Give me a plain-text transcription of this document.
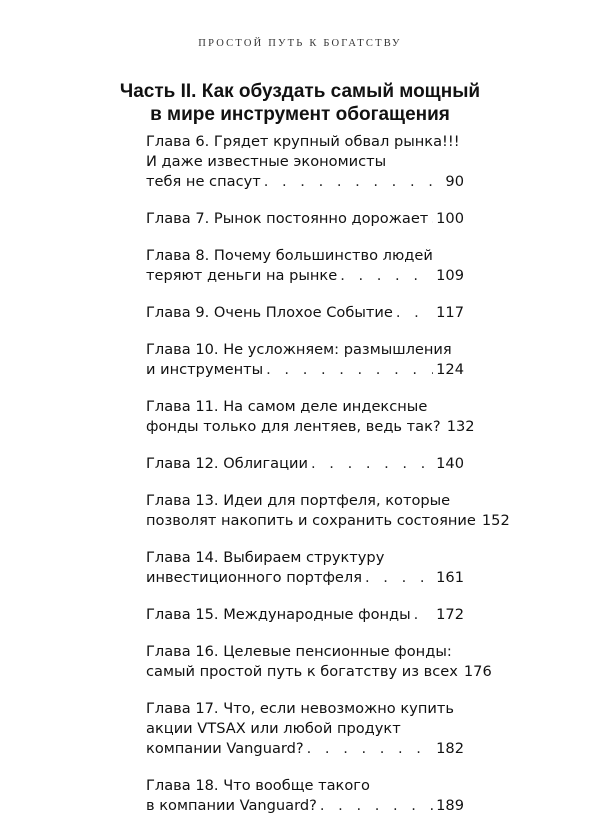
ПРОСТОЙ ПУТЬ К БОГАТСТВУ
Часть II. Как обуздать самый мощный
в мире инструмент обогащения
Глава 6. Грядет крупный обвал рынка!!!
И даже известные экономисты
тебя не спасут . . .	90
Глава 7. Рынок постоянно дорожает . . . 100
Глава 8. Почему большинство людей
теряют деньги на рынке . . .	109
Глава 9. Очень Плохое Событие . . .	117
Глава 10. Не усложняем: размышления
и инструменты . . .	124
Глава 11. На самом деле индексные
фонды только для лентяев, ведь так? 132
Глава 12. Облигации . . .	140
Глава 13. Идеи для портфеля, которые
позволят накопить и сохранить состояние 152
Глава 14. Выбираем структуру
инвестиционного портфеля . . .	161
Глава 15. Международные фонды . . . 172
Глава 16. Целевые пенсионные фонды:
самый простой путь к богатству из всех 176
Глава 17. Что, если невозможно купить
акции VTSAX или любой продукт
компании Vanguard? . . .	182
Глава 18. Что вообще такого
в компании Vanguard? . . .	189
